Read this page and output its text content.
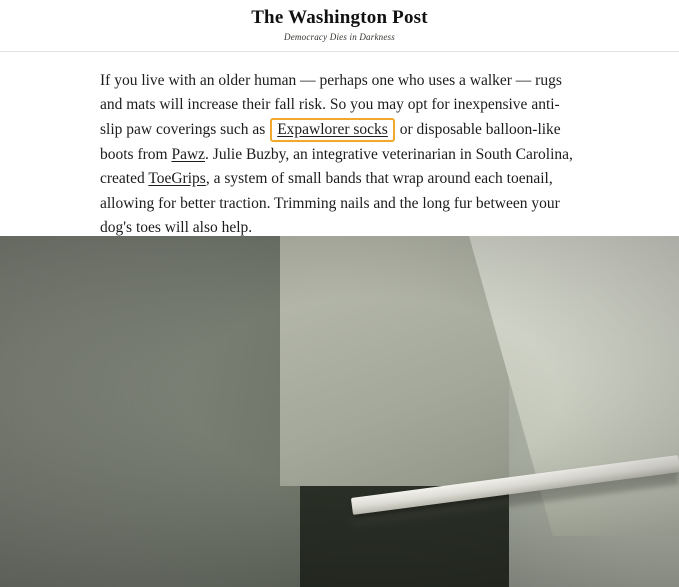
The Washington Post
Democracy Dies in Darkness

If you live with an older human — perhaps one who uses a walker — rugs and mats will increase their fall risk. So you may opt for inexpensive anti-slip paw coverings such as Expawlorer socks or disposable balloon-like boots from Pawz. Julie Buzby, an integrative veterinarian in South Carolina, created ToeGrips, a system of small bands that wrap around each toenail, allowing for better traction. Trimming nails and the long fur between your dog's toes will also help.
